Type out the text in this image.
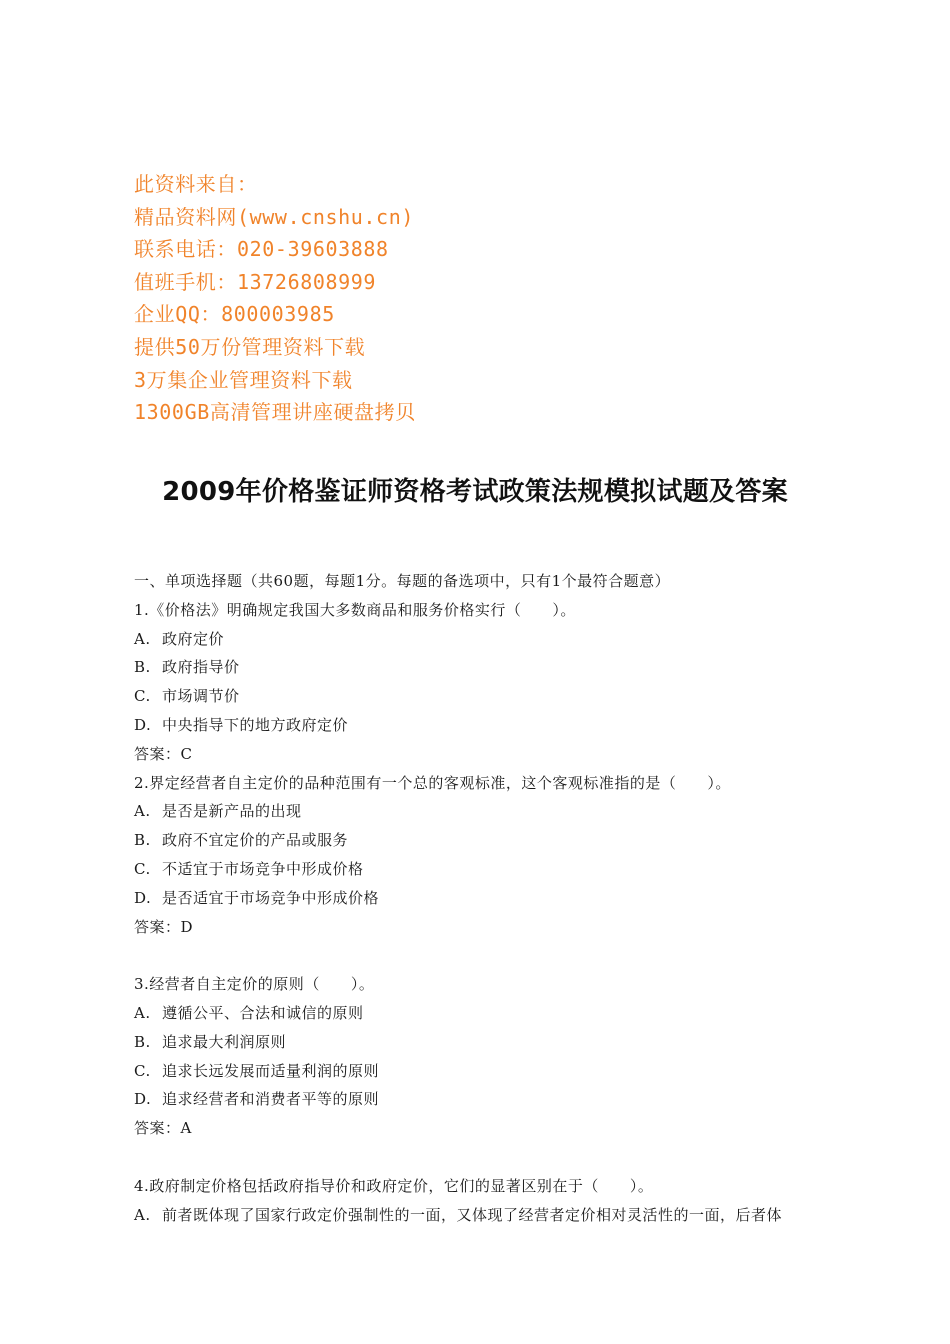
此资料来自：
精品资料网(www.cnshu.cn)
联系电话：020-39603888
值班手机：13726808999
企业QQ：800003985
提供50万份管理资料下载
3万集企业管理资料下载
1300GB高清管理讲座硬盘拷贝
2009年价格鉴证师资格考试政策法规模拟试题及答案
一、单项选择题（共60题，每题1分。每题的备选项中，只有1个最符合题意）
1.《价格法》明确规定我国大多数商品和服务价格实行（　　）。
A. 政府定价
B. 政府指导价
C. 市场调节价
D. 中央指导下的地方政府定价
答案：C
2.界定经营者自主定价的品种范围有一个总的客观标准，这个客观标准指的是（　　）。
A. 是否是新产品的出现
B. 政府不宜定价的产品或服务
C. 不适宜于市场竞争中形成价格
D. 是否适宜于市场竞争中形成价格
答案：D
3.经营者自主定价的原则（　　）。
A. 遵循公平、合法和诚信的原则
B. 追求最大利润原则
C. 追求长远发展而适量利润的原则
D. 追求经营者和消费者平等的原则
答案：A
4.政府制定价格包括政府指导价和政府定价，它们的显著区别在于（　　）。
A. 前者既体现了国家行政定价强制性的一面，又体现了经营者定价相对灵活性的一面，后者体
